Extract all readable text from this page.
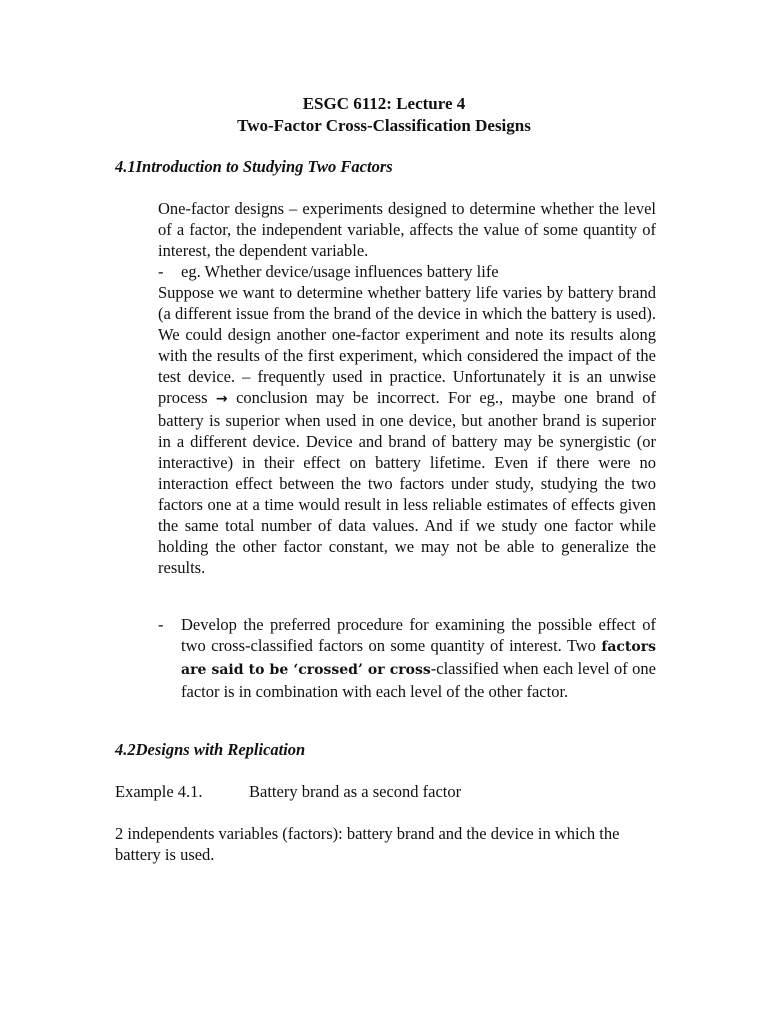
ESGC 6112: Lecture 4
Two-Factor Cross-Classification Designs
4.1Introduction to Studying Two Factors
One-factor designs – experiments designed to determine whether the level of a factor, the independent variable, affects the value of some quantity of interest, the dependent variable.
- eg. Whether device/usage influences battery life
Suppose we want to determine whether battery life varies by battery brand (a different issue from the brand of the device in which the battery is used). We could design another one-factor experiment and note its results along with the results of the first experiment, which considered the impact of the test device. – frequently used in practice. Unfortunately it is an unwise process → conclusion may be incorrect. For eg., maybe one brand of battery is superior when used in one device, but another brand is superior in a different device. Device and brand of battery may be synergistic (or interactive) in their effect on battery lifetime. Even if there were no interaction effect between the two factors under study, studying the two factors one at a time would result in less reliable estimates of effects given the same total number of data values. And if we study one factor while holding the other factor constant, we may not be able to generalize the results.
- Develop the preferred procedure for examining the possible effect of two cross-classified factors on some quantity of interest. Two factors are said to be ‘crossed’ or cross-classified when each level of one factor is in combination with each level of the other factor.
4.2Designs with Replication
Example 4.1.	Battery brand as a second factor
2 independents variables (factors): battery brand and the device in which the battery is used.
